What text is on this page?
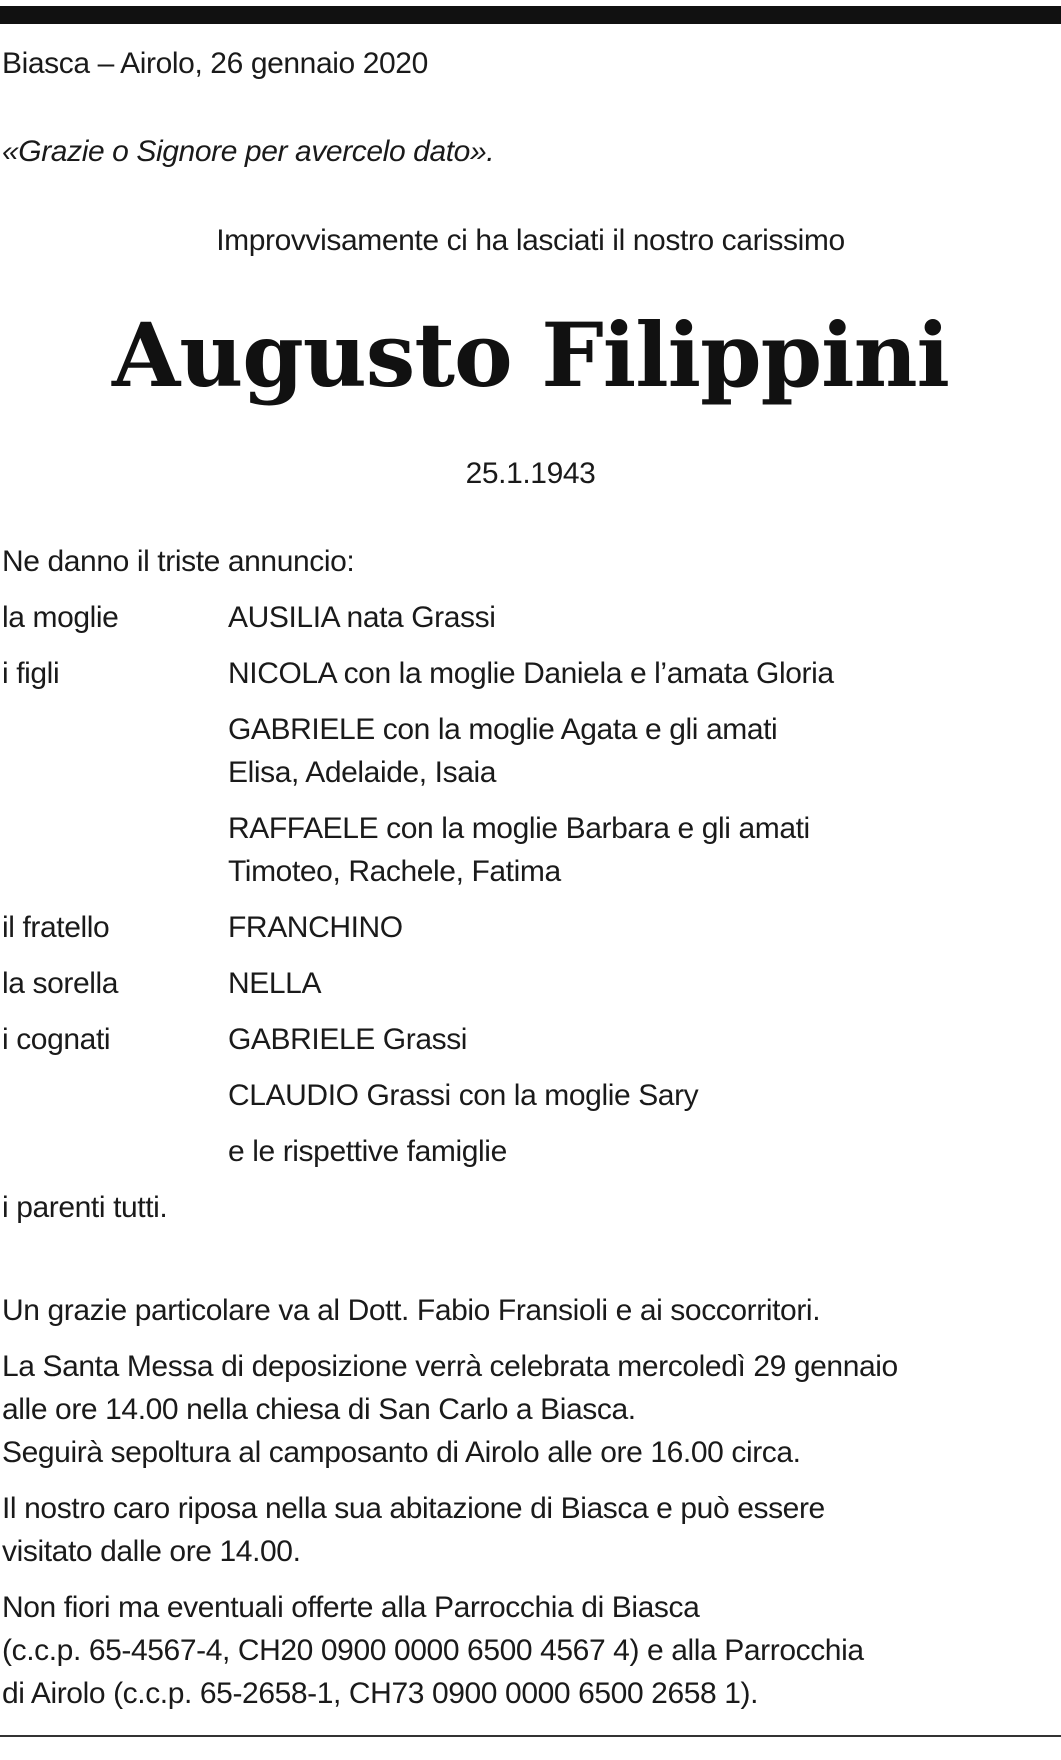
Biasca – Airolo, 26 gennaio 2020
«Grazie o Signore per avercelo dato».
Improvvisamente ci ha lasciati il nostro carissimo
Augusto Filippini
25.1.1943
Ne danno il triste annuncio:
la moglie	AUSILIA nata Grassi
i figli	NICOLA con la moglie Daniela e l’amata Gloria
GABRIELE con la moglie Agata e gli amati
Elisa, Adelaide, Isaia
RAFFAELE con la moglie Barbara e gli amati
Timoteo, Rachele, Fatima
il fratello	FRANCHINO
la sorella	NELLA
i cognati	GABRIELE Grassi
CLAUDIO Grassi con la moglie Sary
e le rispettive famiglie
i parenti tutti.
Un grazie particolare va al Dott. Fabio Fransioli e ai soccorritori.
La Santa Messa di deposizione verrà celebrata mercoledì 29 gennaio
alle ore 14.00 nella chiesa di San Carlo a Biasca.
Seguirà sepoltura al camposanto di Airolo alle ore 16.00 circa.
Il nostro caro riposa nella sua abitazione di Biasca e può essere
visitato dalle ore 14.00.
Non fiori ma eventuali offerte alla Parrocchia di Biasca
(c.c.p. 65-4567-4, CH20 0900 0000 6500 4567 4) e alla Parrocchia
di Airolo (c.c.p. 65-2658-1, CH73 0900 0000 6500 2658 1).
